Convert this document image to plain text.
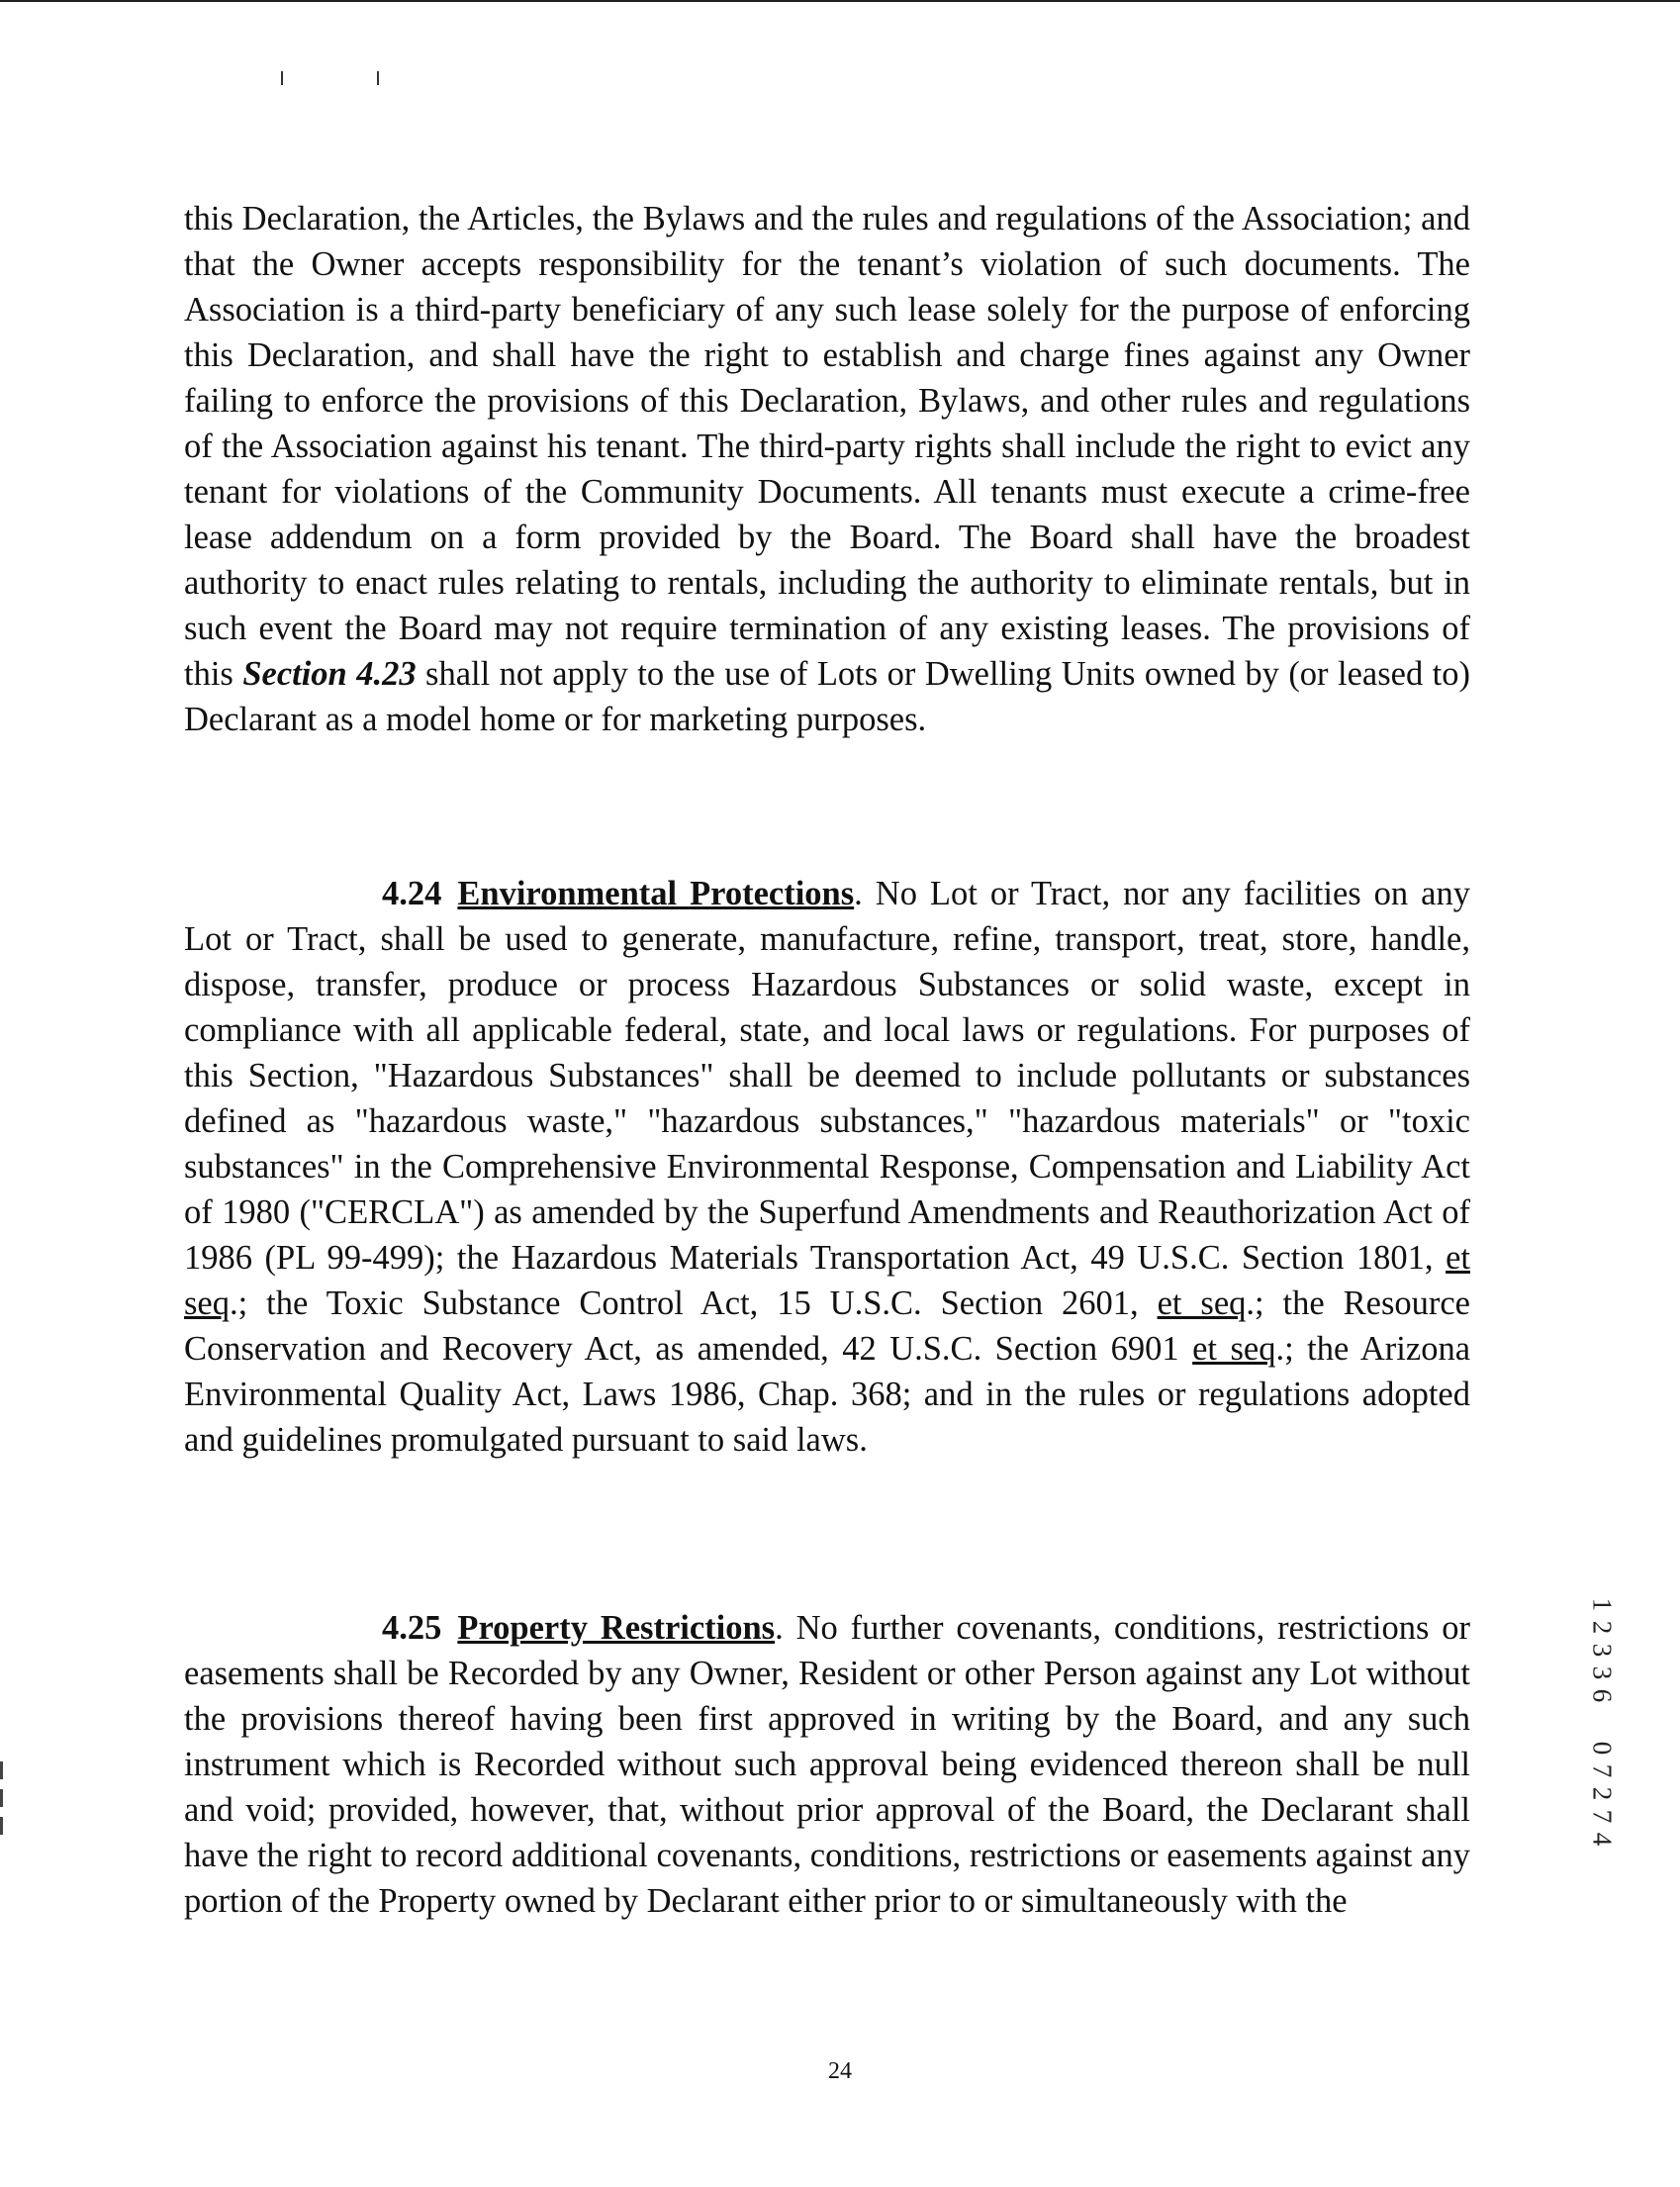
this Declaration, the Articles, the Bylaws and the rules and regulations of the Association; and that the Owner accepts responsibility for the tenant’s violation of such documents. The Association is a third-party beneficiary of any such lease solely for the purpose of enforcing this Declaration, and shall have the right to establish and charge fines against any Owner failing to enforce the provisions of this Declaration, Bylaws, and other rules and regulations of the Association against his tenant. The third-party rights shall include the right to evict any tenant for violations of the Community Documents. All tenants must execute a crime-free lease addendum on a form provided by the Board. The Board shall have the broadest authority to enact rules relating to rentals, including the authority to eliminate rentals, but in such event the Board may not require termination of any existing leases. The provisions of this Section 4.23 shall not apply to the use of Lots or Dwelling Units owned by (or leased to) Declarant as a model home or for marketing purposes.

4.24 Environmental Protections. No Lot or Tract, nor any facilities on any Lot or Tract, shall be used to generate, manufacture, refine, transport, treat, store, handle, dispose, transfer, produce or process Hazardous Substances or solid waste, except in compliance with all applicable federal, state, and local laws or regulations. For purposes of this Section, "Hazardous Substances" shall be deemed to include pollutants or substances defined as "hazardous waste," "hazardous substances," "hazardous materials" or "toxic substances" in the Comprehensive Environmental Response, Compensation and Liability Act of 1980 ("CERCLA") as amended by the Superfund Amendments and Reauthorization Act of 1986 (PL 99-499); the Hazardous Materials Transportation Act, 49 U.S.C. Section 1801, et seq.; the Toxic Substance Control Act, 15 U.S.C. Section 2601, et seq.; the Resource Conservation and Recovery Act, as amended, 42 U.S.C. Section 6901 et seq.; the Arizona Environmental Quality Act, Laws 1986, Chap. 368; and in the rules or regulations adopted and guidelines promulgated pursuant to said laws.

4.25 Property Restrictions. No further covenants, conditions, restrictions or easements shall be Recorded by any Owner, Resident or other Person against any Lot without the provisions thereof having been first approved in writing by the Board, and any such instrument which is Recorded without such approval being evidenced thereon shall be null and void; provided, however, that, without prior approval of the Board, the Declarant shall have the right to record additional covenants, conditions, restrictions or easements against any portion of the Property owned by Declarant either prior to or simultaneously with the

1
2
3
3
6
0
7
2
7
4
24
